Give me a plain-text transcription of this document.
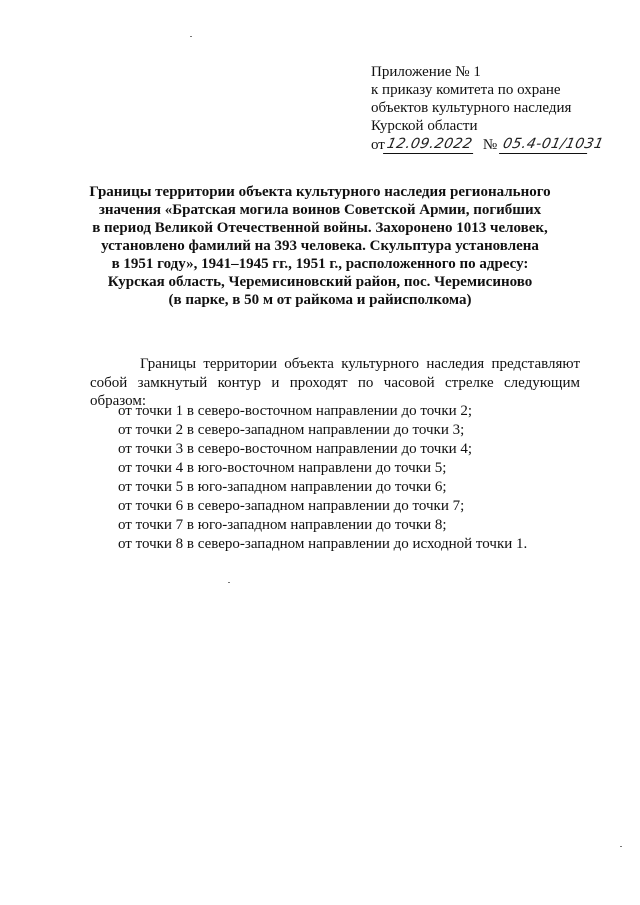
Приложение № 1
к приказу комитета по охране
объектов культурного наследия
Курской области
от 12.09.2022 № 05.4-01/1031
Границы территории объекта культурного наследия регионального
значения «Братская могила воинов Советской Армии, погибших
в период Великой Отечественной войны. Захоронено 1013 человек,
установлено фамилий на 393 человека. Скульптура установлена
в 1951 году», 1941–1945 гг., 1951 г., расположенного по адресу:
Курская область, Черемисиновский район, пос. Черемисиново
(в парке, в 50 м от райкома и райисполкома)

Границы территории объекта культурного наследия представляют собой замкнутый контур и проходят по часовой стрелке следующим образом:

от точки 1 в северо-восточном направлении до точки 2;
от точки 2 в северо-западном направлении до точки 3;
от точки 3 в северо-восточном направлении до точки 4;
от точки 4 в юго-восточном направлени до точки 5;
от точки 5 в юго-западном направлении до точки 6;
от точки 6 в северо-западном направлении до точки 7;
от точки 7 в юго-западном направлении до точки 8;
от точки 8 в северо-западном направлении до исходной точки 1.
